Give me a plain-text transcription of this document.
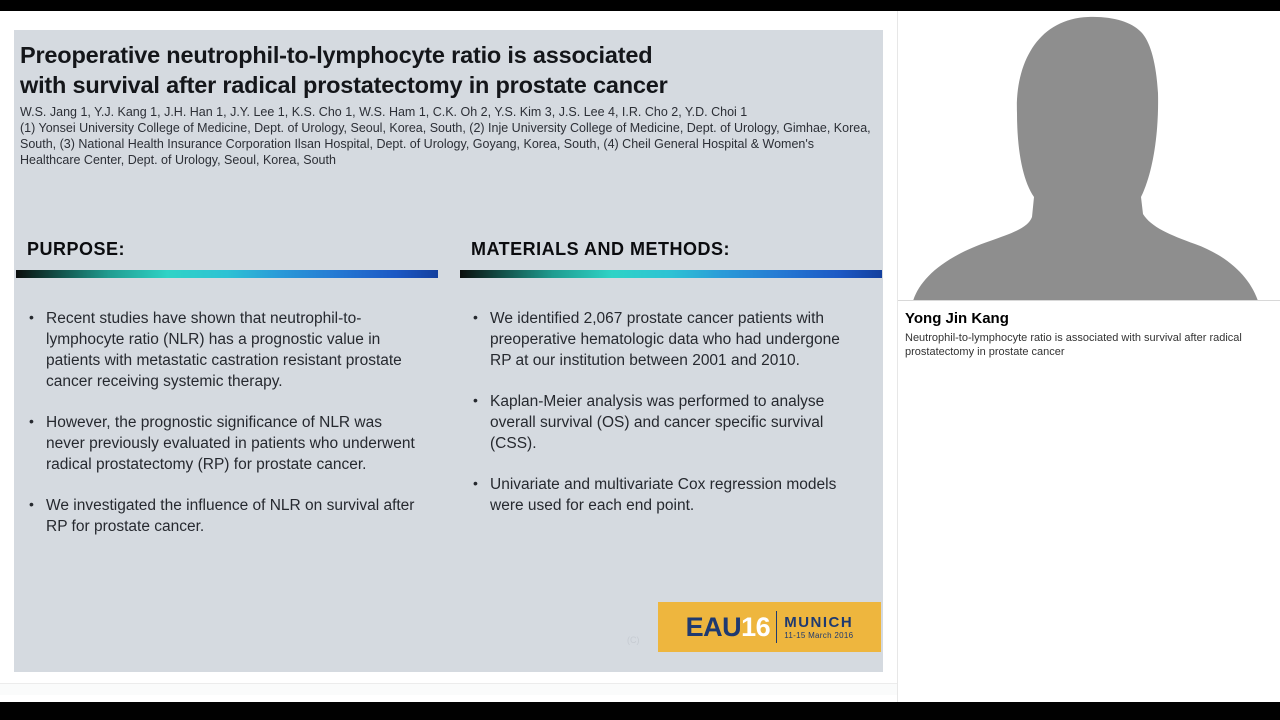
Preoperative neutrophil-to-lymphocyte ratio is associated
with survival after radical prostatectomy in prostate cancer
W.S. Jang 1, Y.J. Kang 1, J.H. Han 1, J.Y. Lee 1, K.S. Cho 1, W.S. Ham 1, C.K. Oh 2, Y.S. Kim 3, J.S. Lee 4, I.R. Cho 2, Y.D. Choi 1
(1) Yonsei University College of Medicine, Dept. of Urology, Seoul, Korea, South, (2) Inje University College of Medicine, Dept. of Urology, Gimhae, Korea, South, (3) National Health Insurance Corporation Ilsan Hospital, Dept. of Urology, Goyang, Korea, South, (4) Cheil General Hospital & Women's Healthcare Center, Dept. of Urology, Seoul, Korea, South
PURPOSE:
• Recent studies have shown that neutrophil-to-lymphocyte ratio (NLR) has a prognostic value in patients with metastatic castration resistant prostate cancer receiving systemic therapy.
• However, the prognostic significance of NLR was never previously evaluated in patients who underwent radical prostatectomy (RP) for prostate cancer.
• We investigated the influence of NLR on survival after RP for prostate cancer.
MATERIALS AND METHODS:
• We identified 2,067 prostate cancer patients with preoperative hematologic data who had undergone RP at our institution between 2001 and 2010.
• Kaplan-Meier analysis was performed to analyse overall survival (OS) and cancer specific survival (CSS).
• Univariate and multivariate Cox regression models were used for each end point.
(C) EAU16 MUNICH
11-15 March 2016
Yong Jin Kang
Neutrophil-to-lymphocyte ratio is associated with survival after radical prostatectomy in prostate cancer
